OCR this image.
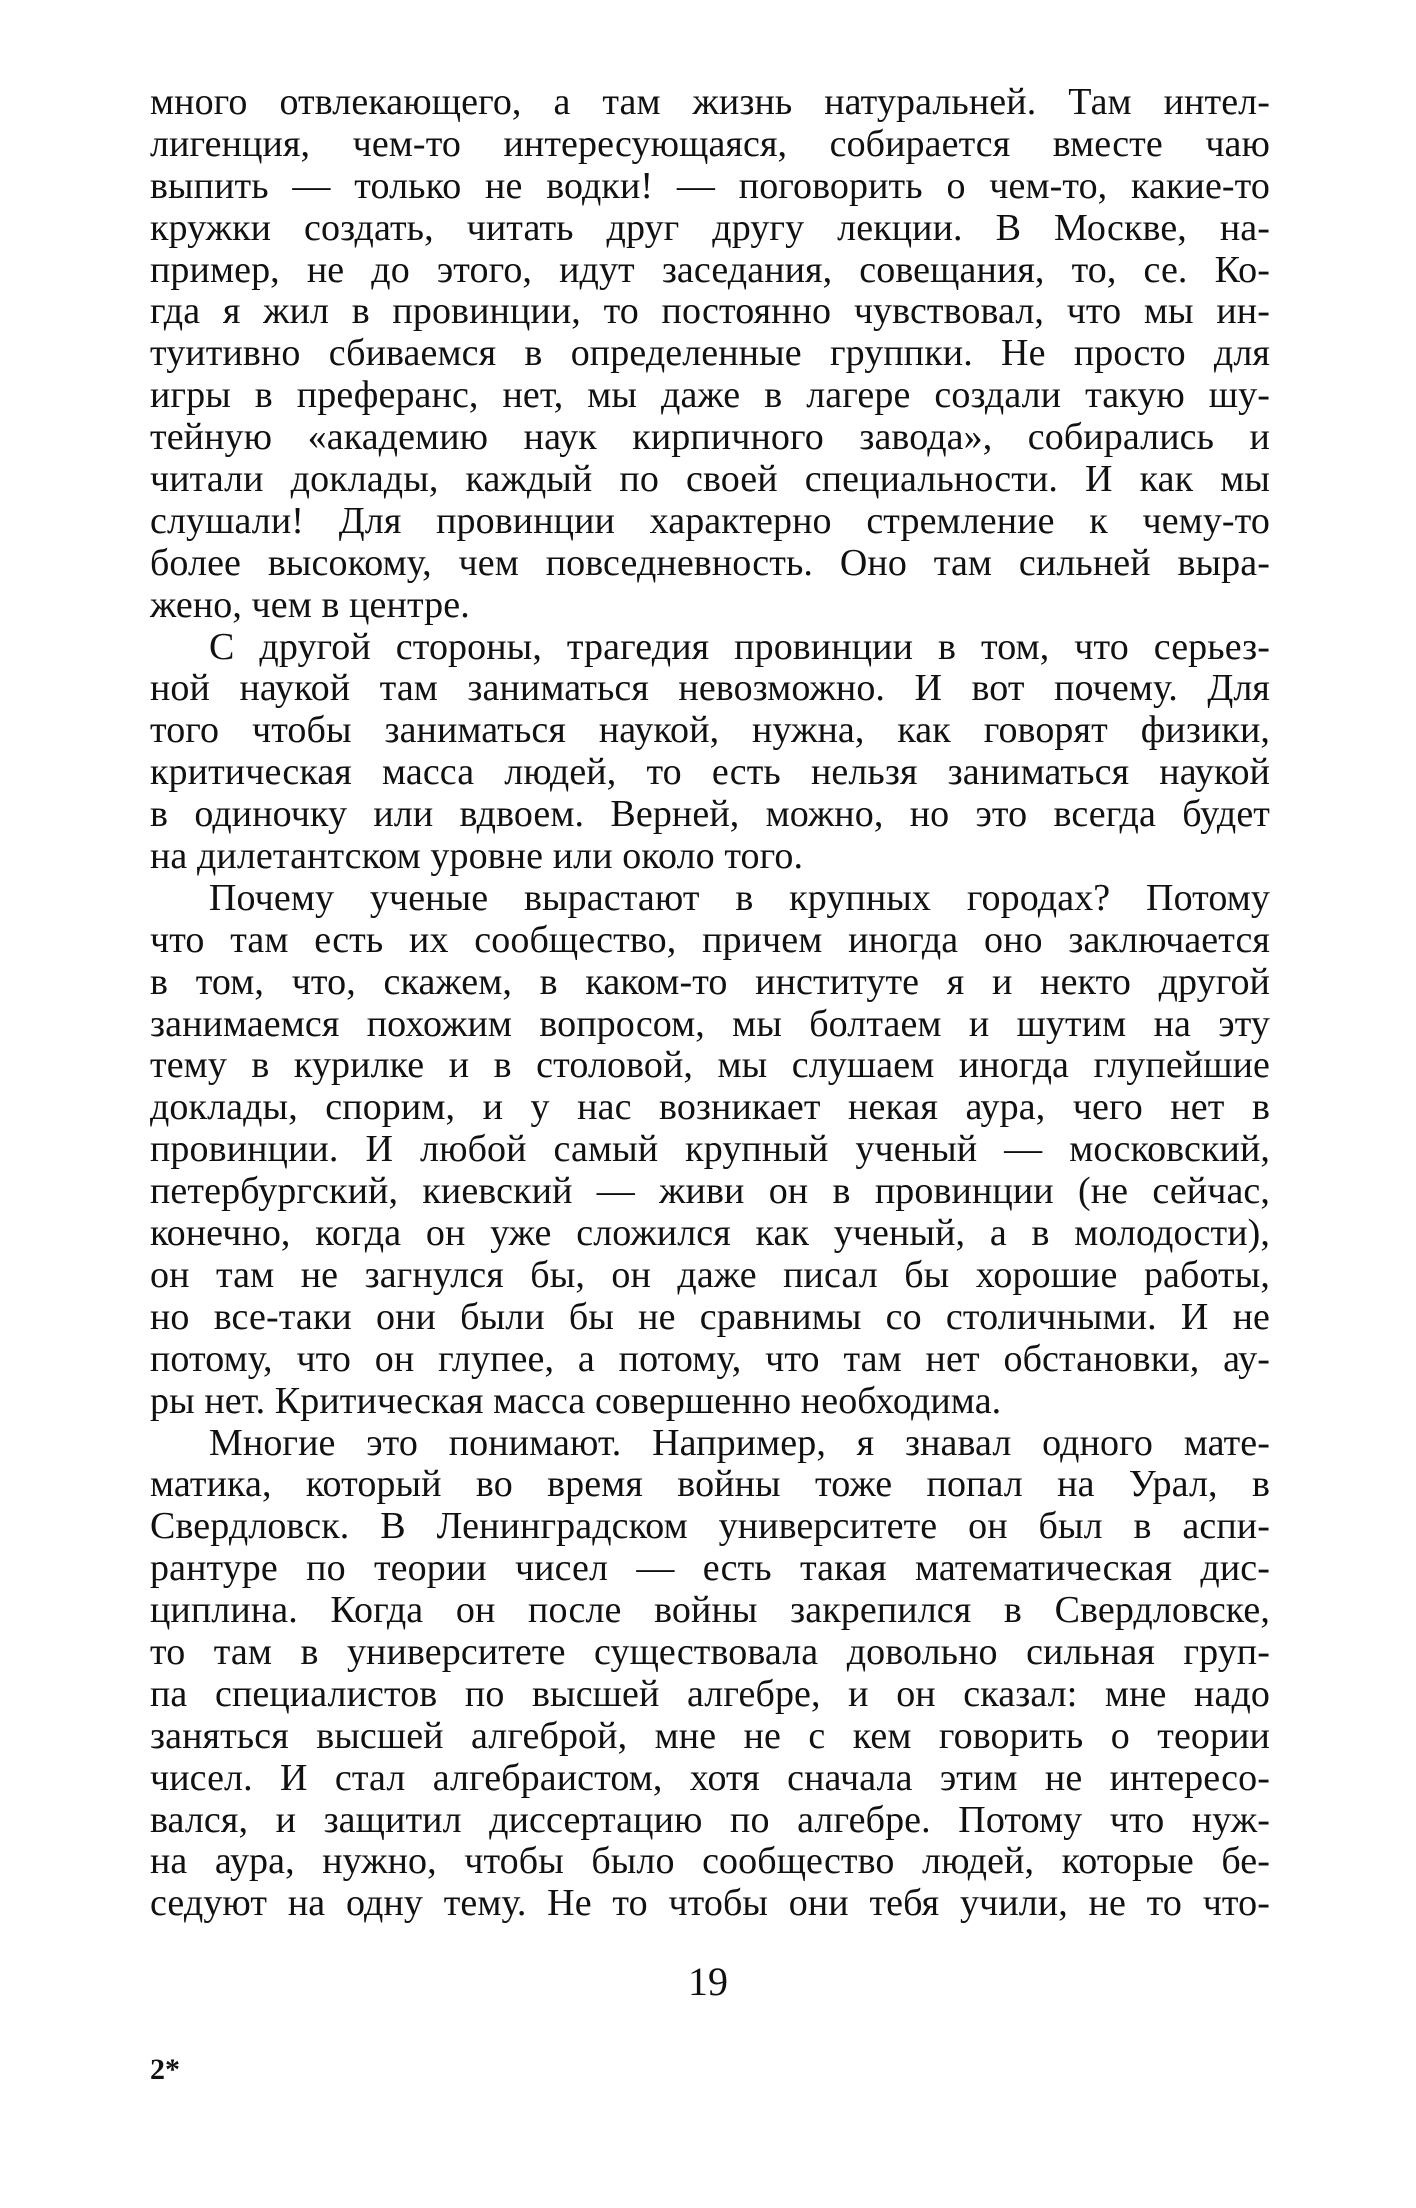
много отвлекающего, а там жизнь натуральней. Там интел-
лигенция, чем-то интересующаяся, собирается вместе чаю
выпить — только не водки! — поговорить о чем-то, какие-то
кружки создать, читать друг другу лекции. В Москве, на-
пример, не до этого, идут заседания, совещания, то, се. Ко-
гда я жил в провинции, то постоянно чувствовал, что мы ин-
туитивно сбиваемся в определенные группки. Не просто для
игры в преферанс, нет, мы даже в лагере создали такую шу-
тейную «академию наук кирпичного завода», собирались и
читали доклады, каждый по своей специальности. И как мы
слушали! Для провинции характерно стремление к чему-то
более высокому, чем повседневность. Оно там сильней выра-
жено, чем в центре.
С другой стороны, трагедия провинции в том, что серьез-
ной наукой там заниматься невозможно. И вот почему. Для
того чтобы заниматься наукой, нужна, как говорят физики,
критическая масса людей, то есть нельзя заниматься наукой
в одиночку или вдвоем. Верней, можно, но это всегда будет
на дилетантском уровне или около того.
Почему ученые вырастают в крупных городах? Потому
что там есть их сообщество, причем иногда оно заключается
в том, что, скажем, в каком-то институте я и некто другой
занимаемся похожим вопросом, мы болтаем и шутим на эту
тему в курилке и в столовой, мы слушаем иногда глупейшие
доклады, спорим, и у нас возникает некая аура, чего нет в
провинции. И любой самый крупный ученый — московский,
петербургский, киевский — живи он в провинции (не сейчас,
конечно, когда он уже сложился как ученый, а в молодости),
он там не загнулся бы, он даже писал бы хорошие работы,
но все-таки они были бы не сравнимы со столичными. И не
потому, что он глупее, а потому, что там нет обстановки, ау-
ры нет. Критическая масса совершенно необходима.
Многие это понимают. Например, я знавал одного мате-
матика, который во время войны тоже попал на Урал, в
Свердловск. В Ленинградском университете он был в аспи-
рантуре по теории чисел — есть такая математическая дис-
циплина. Когда он после войны закрепился в Свердловске,
то там в университете существовала довольно сильная груп-
па специалистов по высшей алгебре, и он сказал: мне надо
заняться высшей алгеброй, мне не с кем говорить о теории
чисел. И стал алгебраистом, хотя сначала этим не интересо-
вался, и защитил диссертацию по алгебре. Потому что нуж-
на аура, нужно, чтобы было сообщество людей, которые бе-
седуют на одну тему. Не то чтобы они тебя учили, не то что-
19
2*
